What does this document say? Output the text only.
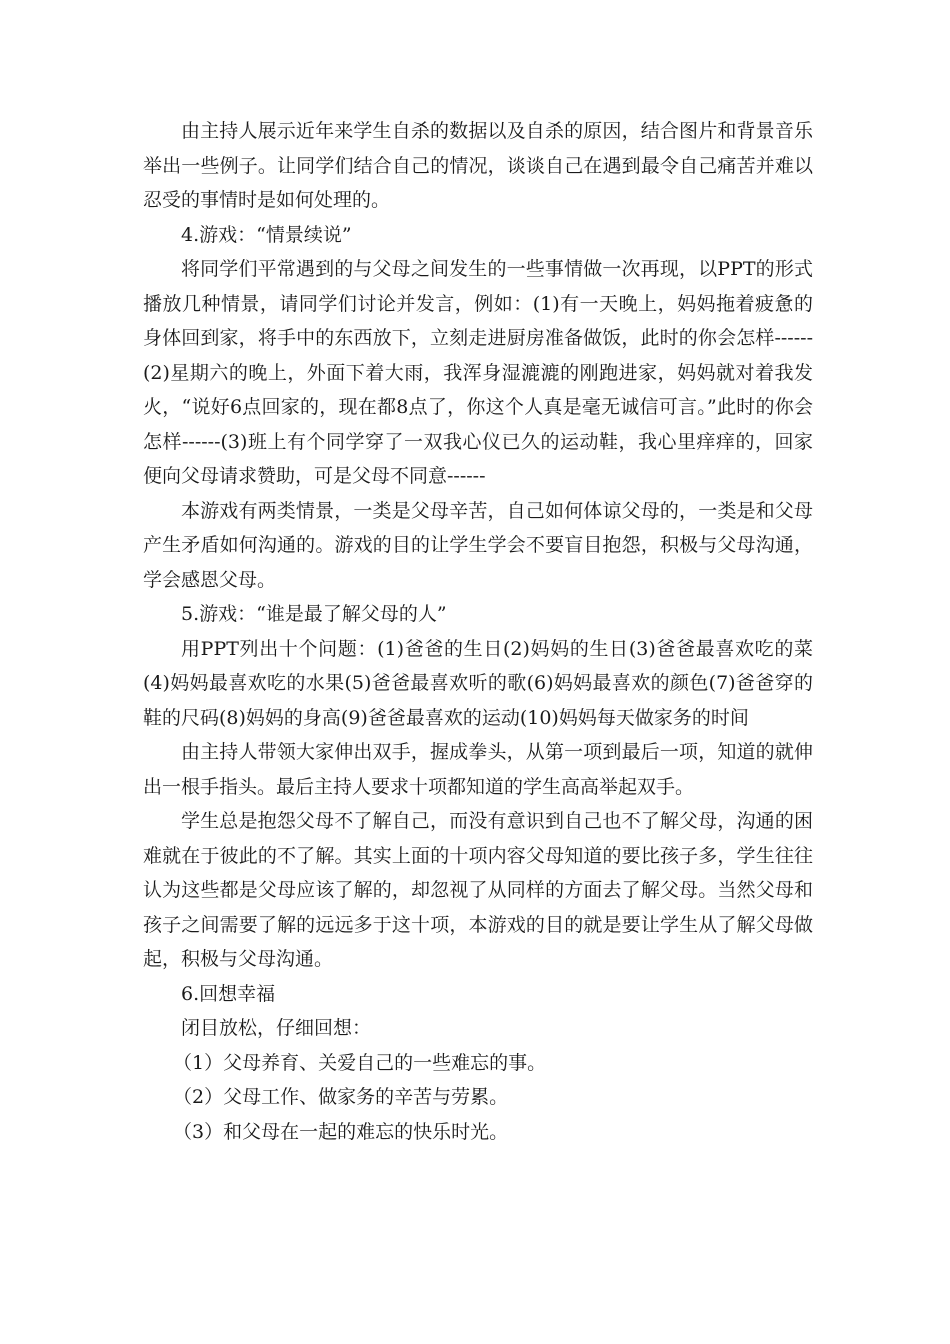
由主持人展示近年来学生自杀的数据以及自杀的原因，结合图片和背景音乐举出一些例子。让同学们结合自己的情况，谈谈自己在遇到最令自己痛苦并难以忍受的事情时是如何处理的。

4.游戏：“情景续说”

将同学们平常遇到的与父母之间发生的一些事情做一次再现，以PPT的形式播放几种情景，请同学们讨论并发言，例如：(1)有一天晚上，妈妈拖着疲惫的身体回到家，将手中的东西放下，立刻走进厨房准备做饭，此时的你会怎样------(2)星期六的晚上，外面下着大雨，我浑身湿漉漉的刚跑进家，妈妈就对着我发火，“说好6点回家的，现在都8点了，你这个人真是毫无诚信可言。”此时的你会怎样------(3)班上有个同学穿了一双我心仪已久的运动鞋，我心里痒痒的，回家便向父母请求赞助，可是父母不同意------

本游戏有两类情景，一类是父母辛苦，自己如何体谅父母的，一类是和父母产生矛盾如何沟通的。游戏的目的让学生学会不要盲目抱怨，积极与父母沟通，学会感恩父母。

5.游戏：“谁是最了解父母的人”

用PPT列出十个问题：(1)爸爸的生日(2)妈妈的生日(3)爸爸最喜欢吃的菜(4)妈妈最喜欢吃的水果(5)爸爸最喜欢听的歌(6)妈妈最喜欢的颜色(7)爸爸穿的鞋的尺码(8)妈妈的身高(9)爸爸最喜欢的运动(10)妈妈每天做家务的时间

由主持人带领大家伸出双手，握成拳头，从第一项到最后一项，知道的就伸出一根手指头。最后主持人要求十项都知道的学生高高举起双手。

学生总是抱怨父母不了解自己，而没有意识到自己也不了解父母，沟通的困难就在于彼此的不了解。其实上面的十项内容父母知道的要比孩子多，学生往往认为这些都是父母应该了解的，却忽视了从同样的方面去了解父母。当然父母和孩子之间需要了解的远远多于这十项，本游戏的目的就是要让学生从了解父母做起，积极与父母沟通。

6.回想幸福

闭目放松，仔细回想：

（1）父母养育、关爱自己的一些难忘的事。

（2）父母工作、做家务的辛苦与劳累。

（3）和父母在一起的难忘的快乐时光。
